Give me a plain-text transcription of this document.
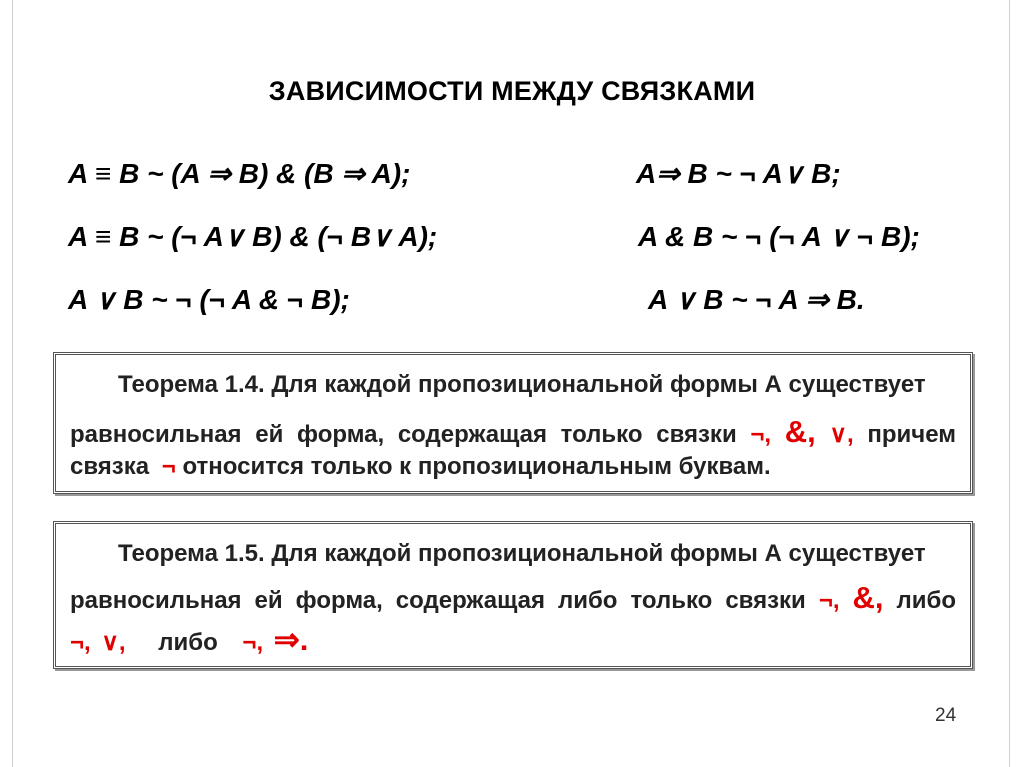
ЗАВИСИМОСТИ МЕЖДУ СВЯЗКАМИ
A ≡ B ~ (A ⇒ B) & (B ⇒ A);
A ≡ B ~ (¬ A∨ B) & (¬ B∨ A);
A ∨ B ~ ¬ (¬ A & ¬ B);
A⇒ B ~ ¬ A∨ B;
A & B ~ ¬ (¬ A ∨ ¬ B);
A ∨ B ~ ¬ A ⇒ B.
Теорема 1.4. Для каждой пропозициональной формы А существует
равносильная ей форма, содержащая только связки ¬, &, ∨, причем
связка ¬ относится только к пропозициональным буквам.
Теорема 1.5. Для каждой пропозициональной формы А существует
равносильная ей форма, содержащая либо только связки ¬, &, либо
¬, ∨, либо ¬, ⇒.
24
